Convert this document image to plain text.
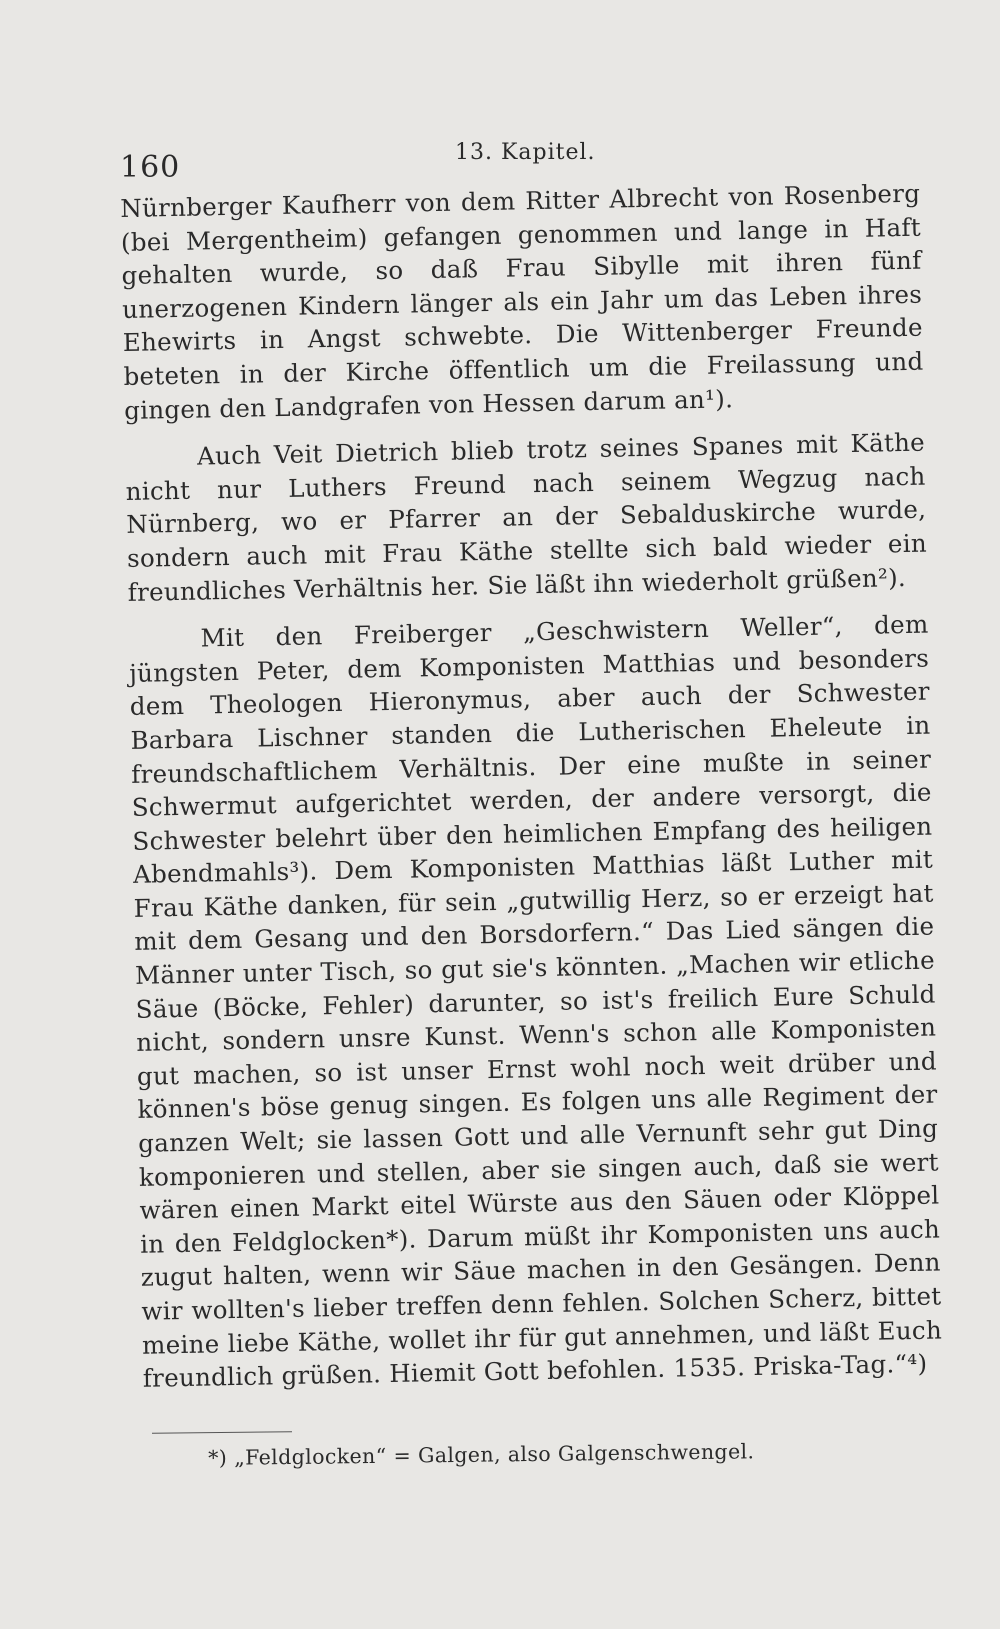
160	13. Kapitel.

Nürnberger Kaufherr von dem Ritter Albrecht von Rosenberg (bei Mergentheim) gefangen genommen und lange in Haft gehalten wurde, so daß Frau Sibylle mit ihren fünf unerzogenen Kindern länger als ein Jahr um das Leben ihres Ehewirts in Angst schwebte. Die Wittenberger Freunde beteten in der Kirche öffentlich um die Freilassung und gingen den Landgrafen von Hessen darum an¹).

Auch Veit Dietrich blieb trotz seines Spanes mit Käthe nicht nur Luthers Freund nach seinem Wegzug nach Nürnberg, wo er Pfarrer an der Sebalduskirche wurde, sondern auch mit Frau Käthe stellte sich bald wieder ein freundliches Verhältnis her. Sie läßt ihn wiederholt grüßen²).

Mit den Freiberger „Geschwistern Weller“, dem jüngsten Peter, dem Komponisten Matthias und besonders dem Theologen Hieronymus, aber auch der Schwester Barbara Lischner standen die Lutherischen Eheleute in freundschaftlichem Verhältnis. Der eine mußte in seiner Schwermut aufgerichtet werden, der andere versorgt, die Schwester belehrt über den heimlichen Empfang des heiligen Abendmahls³). Dem Komponisten Matthias läßt Luther mit Frau Käthe danken, für sein „gutwillig Herz, so er erzeigt hat mit dem Gesang und den Borsdorfern.“ Das Lied sängen die Männer unter Tisch, so gut sie's könnten. „Machen wir etliche Säue (Böcke, Fehler) darunter, so ist's freilich Eure Schuld nicht, sondern unsre Kunst. Wenn's schon alle Komponisten gut machen, so ist unser Ernst wohl noch weit drüber und können's böse genug singen. Es folgen uns alle Regiment der ganzen Welt; sie lassen Gott und alle Vernunft sehr gut Ding komponieren und stellen, aber sie singen auch, daß sie wert wären einen Markt eitel Würste aus den Säuen oder Klöppel in den Feldglocken*). Darum müßt ihr Komponisten uns auch zugut halten, wenn wir Säue machen in den Gesängen. Denn wir wollten's lieber treffen denn fehlen. Solchen Scherz, bittet meine liebe Käthe, wollet ihr für gut annehmen, und läßt Euch freundlich grüßen. Hiemit Gott befohlen. 1535. Priska-Tag.“⁴)

*) „Feldglocken“ = Galgen, also Galgenschwengel.
